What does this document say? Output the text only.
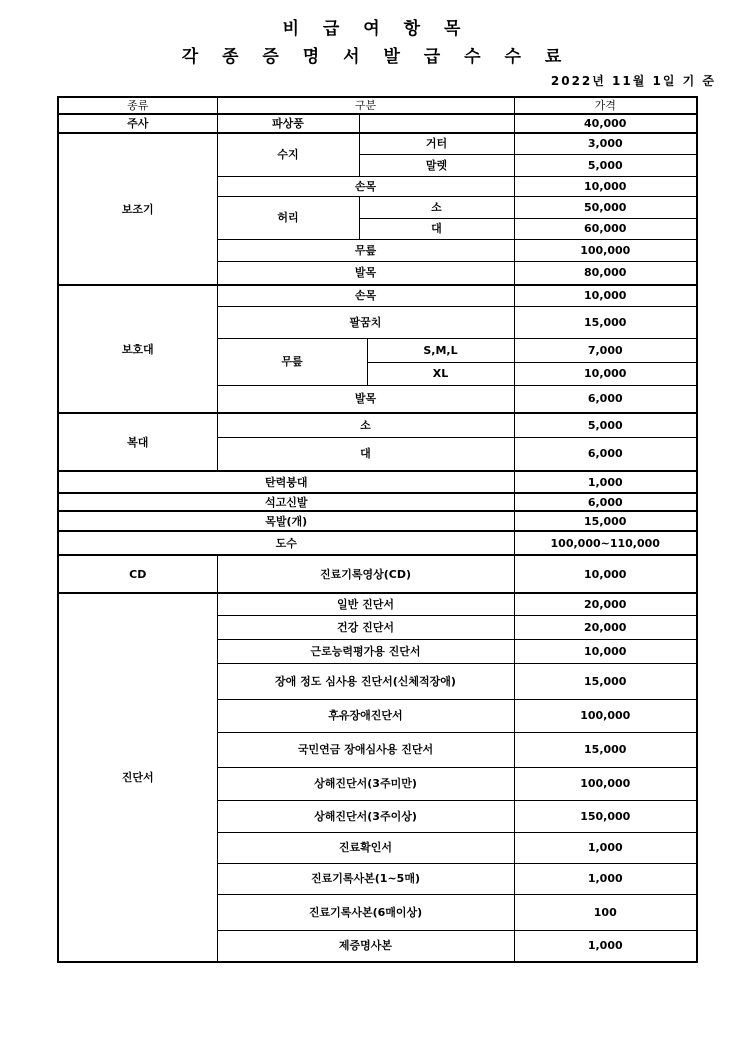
비 급 여 항 목
각 종 증 명 서 발 급 수 수 료
2022년 11월 1일 기 준
종류	구분			가격
주사	파상풍			40,000
보조기	수지	거터		3,000
		말렛		5,000
	손목			10,000
	허리	소		50,000
		대		60,000
	무릎			100,000
	발목			80,000
보호대	손목			10,000
	팔꿈치			15,000
	무릎		S,M,L	7,000
			XL	10,000
	발목			6,000
복대	소			5,000
	대			6,000
탄력붕대				1,000
석고신발				6,000
목발(개)				15,000
도수				100,000~110,000
CD	진료기록영상(CD)			10,000
진단서	일반 진단서			20,000
	건강 진단서			20,000
	근로능력평가용 진단서			10,000
	장애 정도 심사용 진단서(신체적장애)			15,000
	후유장애진단서			100,000
	국민연금 장애심사용 진단서			15,000
	상해진단서(3주미만)			100,000
	상해진단서(3주이상)			150,000
	진료확인서			1,000
	진료기록사본(1~5매)			1,000
	진료기록사본(6매이상)			100
	제증명사본			1,000
